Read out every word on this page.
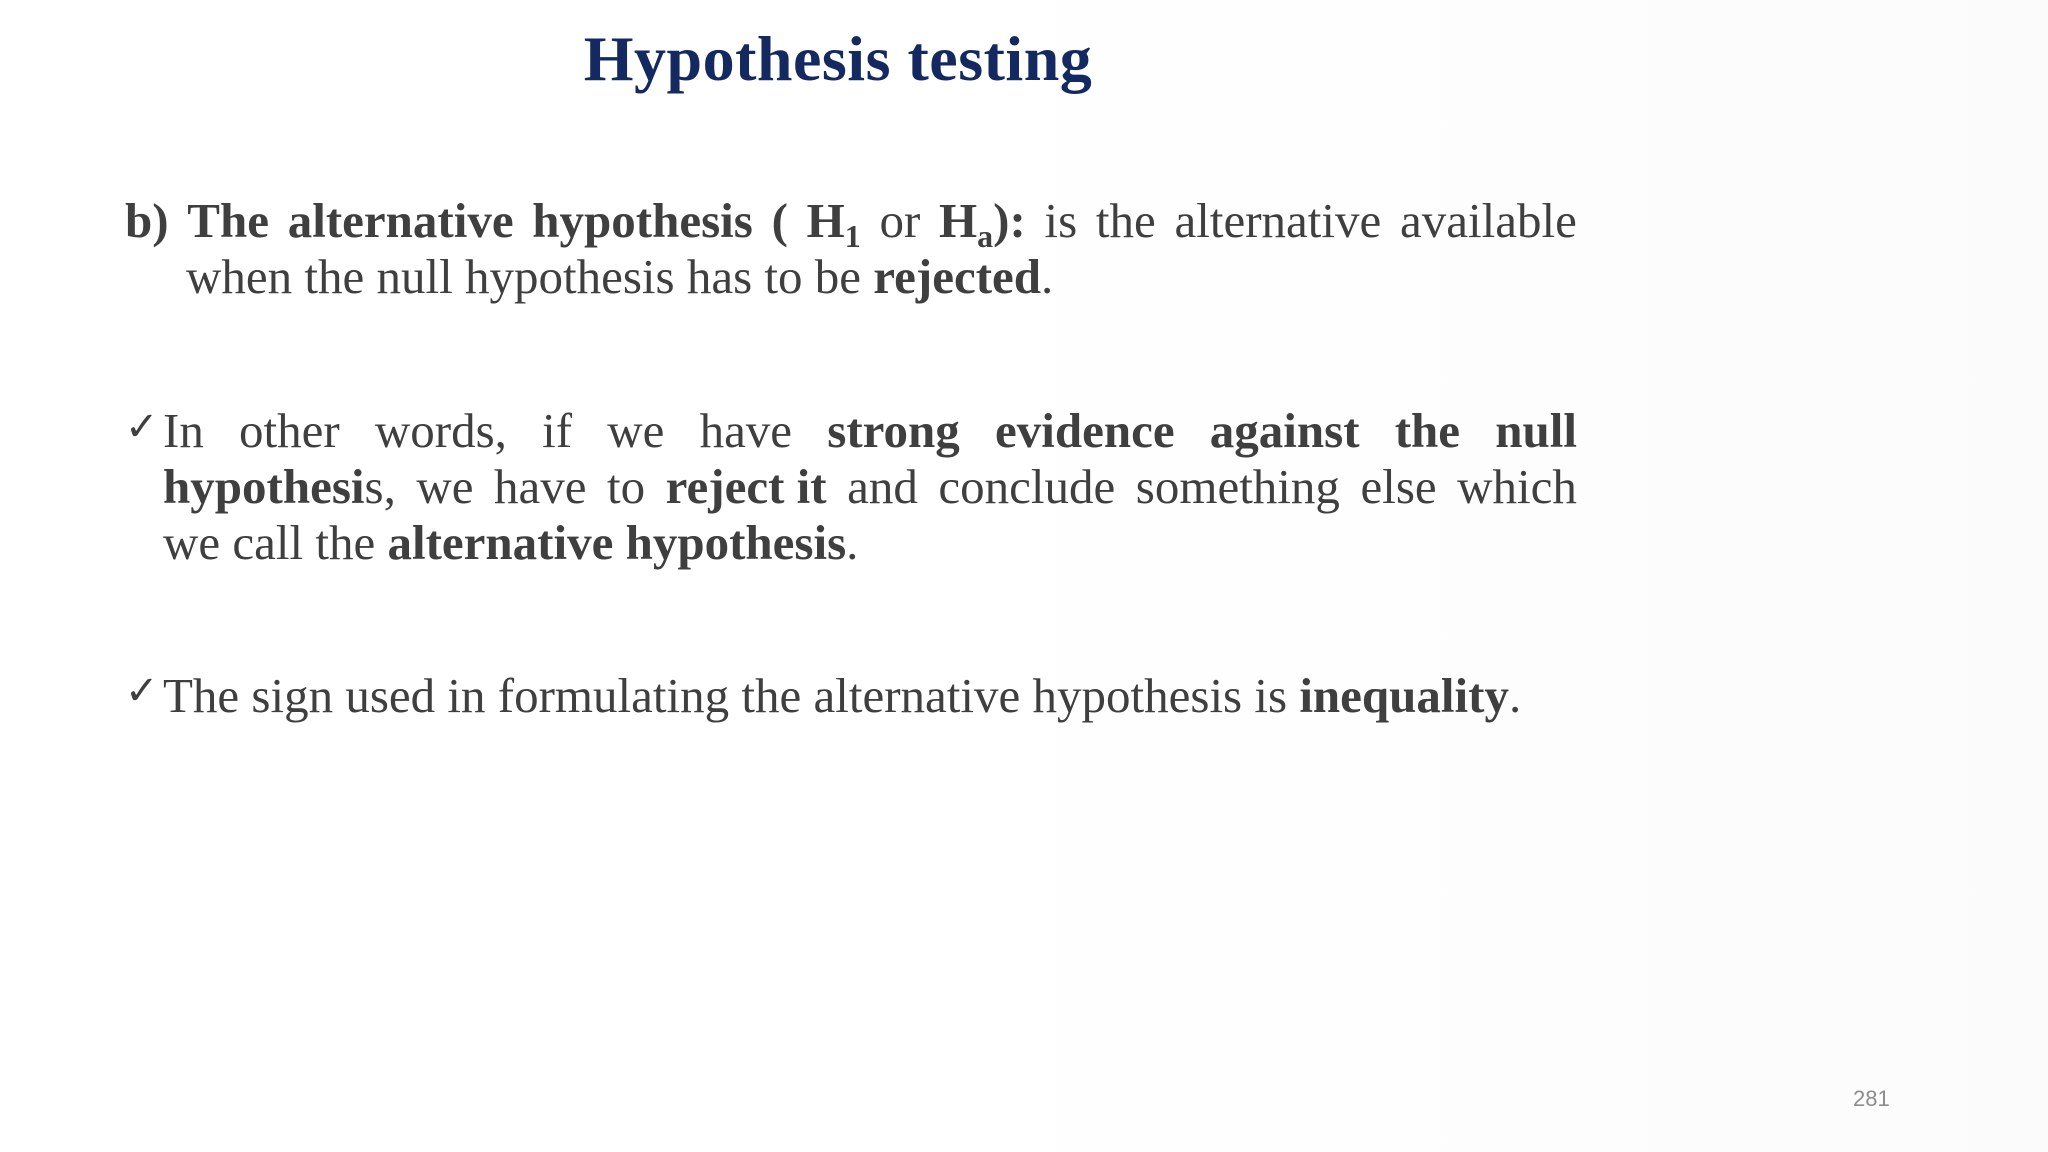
Hypothesis testing
b) The alternative hypothesis ( $H_1$ or $H_a$): is the alternative available
when the null hypothesis has to be rejected.
✓ In other words, if we have strong evidence against the null
hypothesis, we have to reject it and conclude something else which
we call the alternative hypothesis.
✓ The sign used in formulating the alternative hypothesis is inequality.
281
